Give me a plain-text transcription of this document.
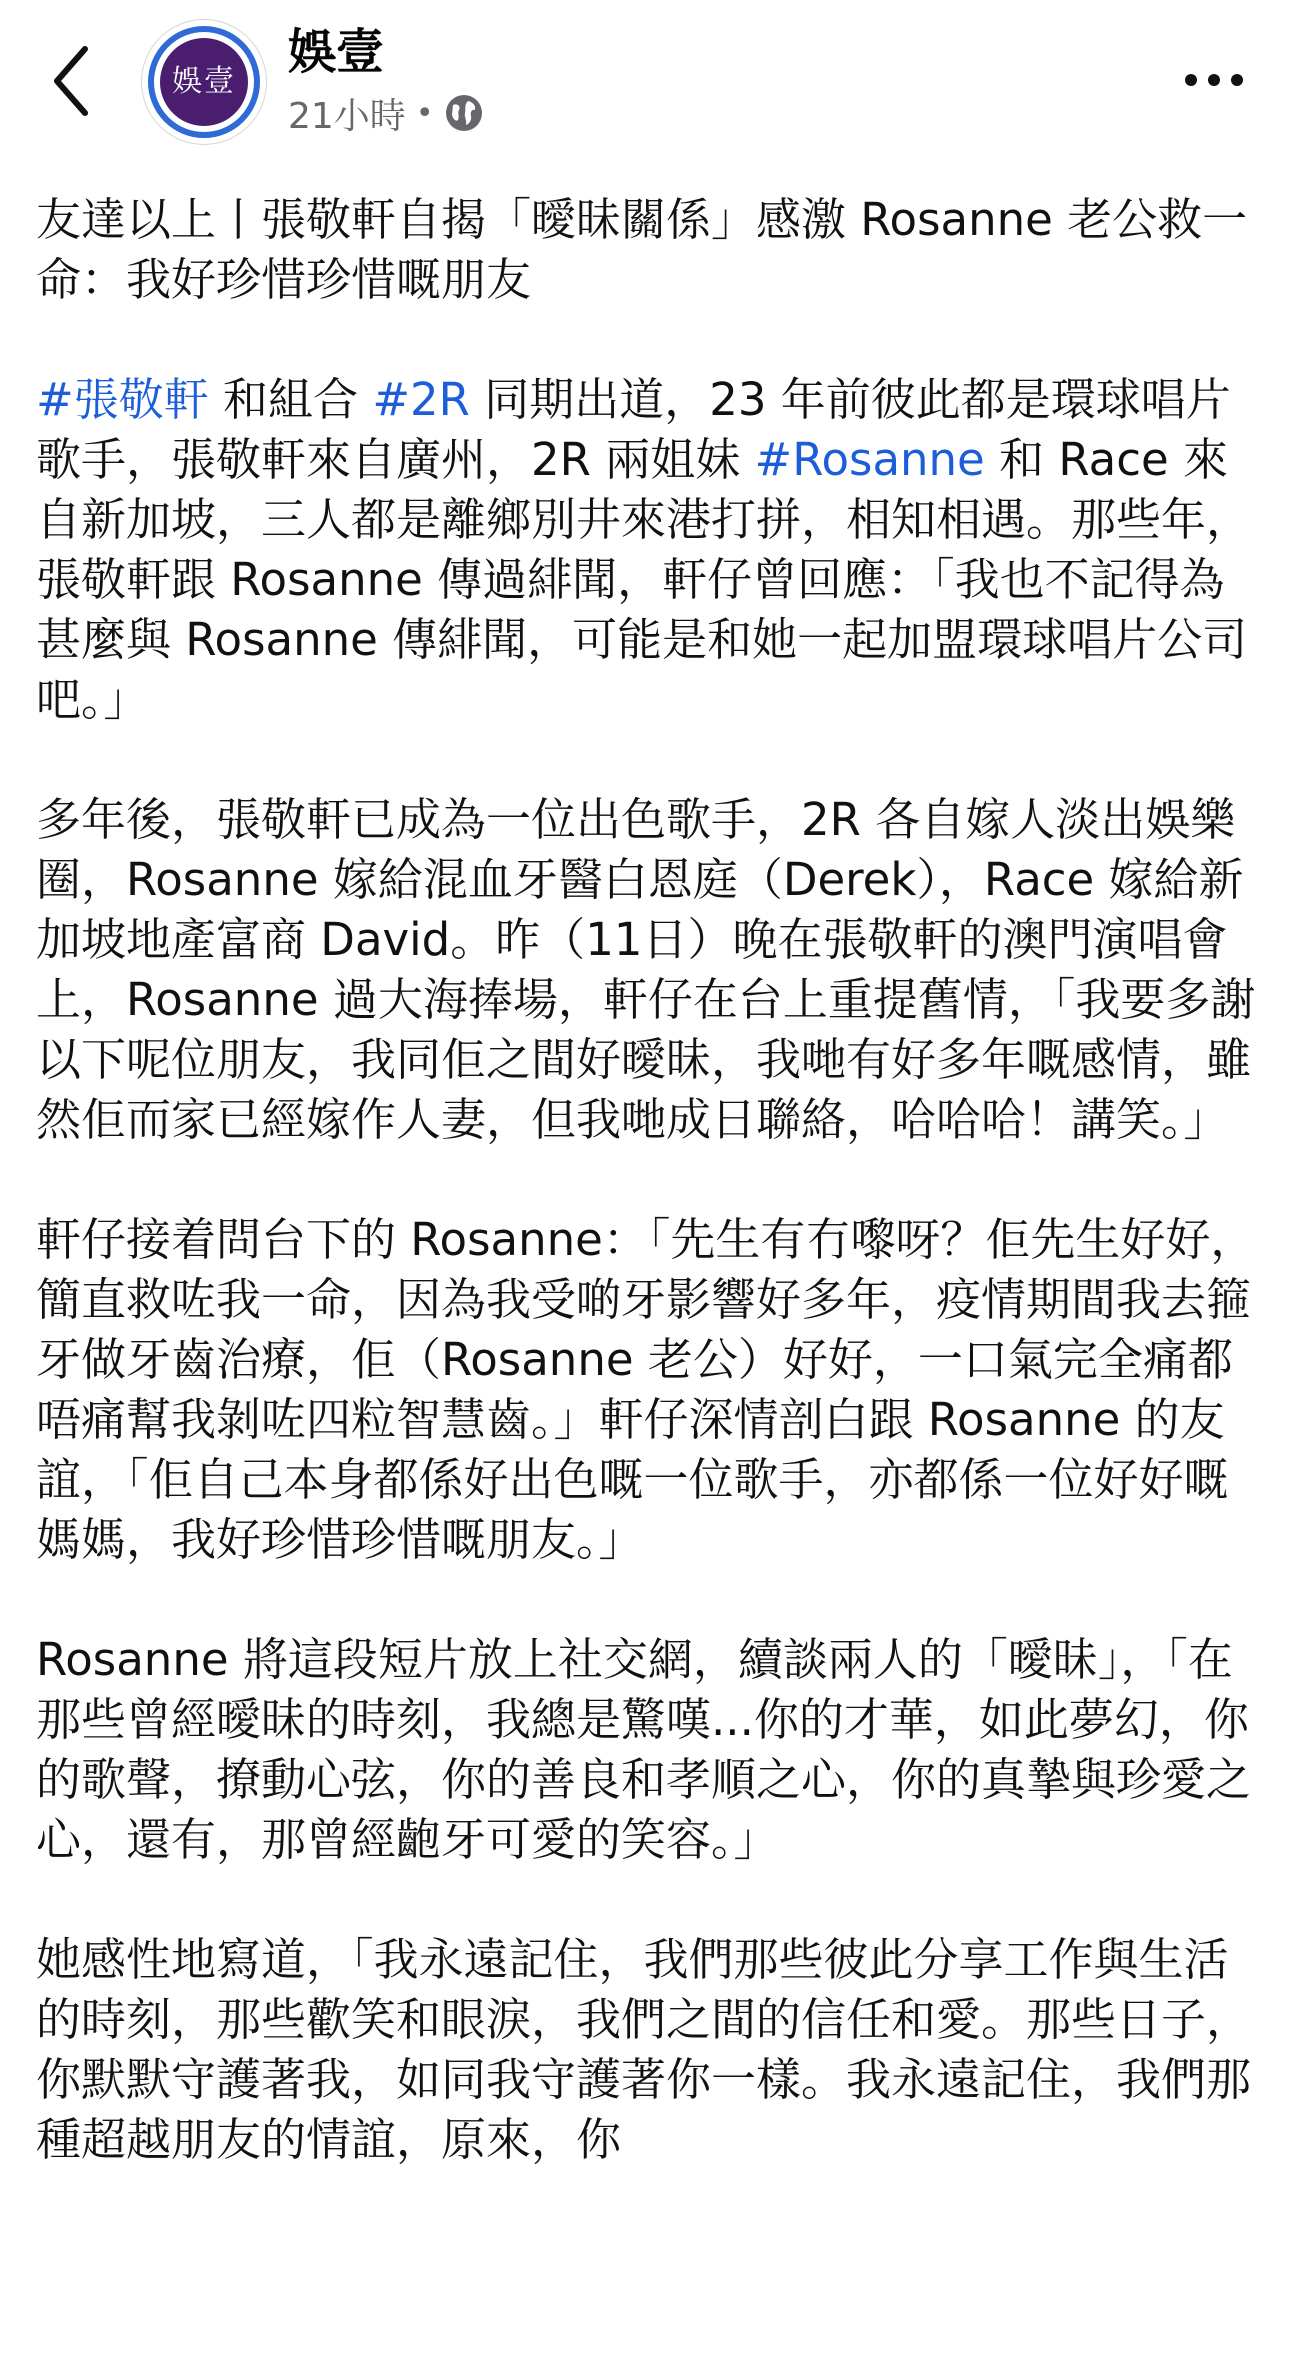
娛壹
娛壹
21小時 •
友達以上丨張敬軒自揭「曖昧關係」感激 Rosanne 老公救一命：我好珍惜珍惜嘅朋友
#張敬軒 和組合 #2R 同期出道，23 年前彼此都是環球唱片歌手，張敬軒來自廣州，2R 兩姐妹 #Rosanne 和 Race 來自新加坡，三人都是離鄉別井來港打拼，相知相遇。那些年，張敬軒跟 Rosanne 傳過緋聞，軒仔曾回應：「我也不記得為甚麼與 Rosanne 傳緋聞，可能是和她一起加盟環球唱片公司吧。」
多年後，張敬軒已成為一位出色歌手，2R 各自嫁人淡出娛樂圈，Rosanne 嫁給混血牙醫白恩庭（Derek），Race 嫁給新加坡地產富商 David。昨（11日）晚在張敬軒的澳門演唱會上，Rosanne 過大海捧場，軒仔在台上重提舊情，「我要多謝以下呢位朋友，我同佢之間好曖昧，我哋有好多年嘅感情，雖然佢而家已經嫁作人妻，但我哋成日聯絡，哈哈哈！講笑。」
軒仔接着問台下的 Rosanne：「先生有冇嚟呀？佢先生好好，簡直救咗我一命，因為我受啲牙影響好多年，疫情期間我去箍牙做牙齒治療，佢（Rosanne 老公）好好，一口氣完全痛都唔痛幫我剝咗四粒智慧齒。」軒仔深情剖白跟 Rosanne 的友誼，「佢自己本身都係好出色嘅一位歌手，亦都係一位好好嘅媽媽，我好珍惜珍惜嘅朋友。」
Rosanne 將這段短片放上社交網，續談兩人的「曖昧」，「在那些曾經曖昧的時刻，我總是驚嘆...你的才華，如此夢幻，你的歌聲，撩動心弦，你的善良和孝順之心，你的真摯與珍愛之心，還有，那曾經齙牙可愛的笑容。」
她感性地寫道，「我永遠記住，我們那些彼此分享工作與生活的時刻，那些歡笑和眼淚，我們之間的信任和愛。那些日子，你默默守護著我，如同我守護著你一樣。我永遠記住，我們那種超越朋友的情誼，原來，你
